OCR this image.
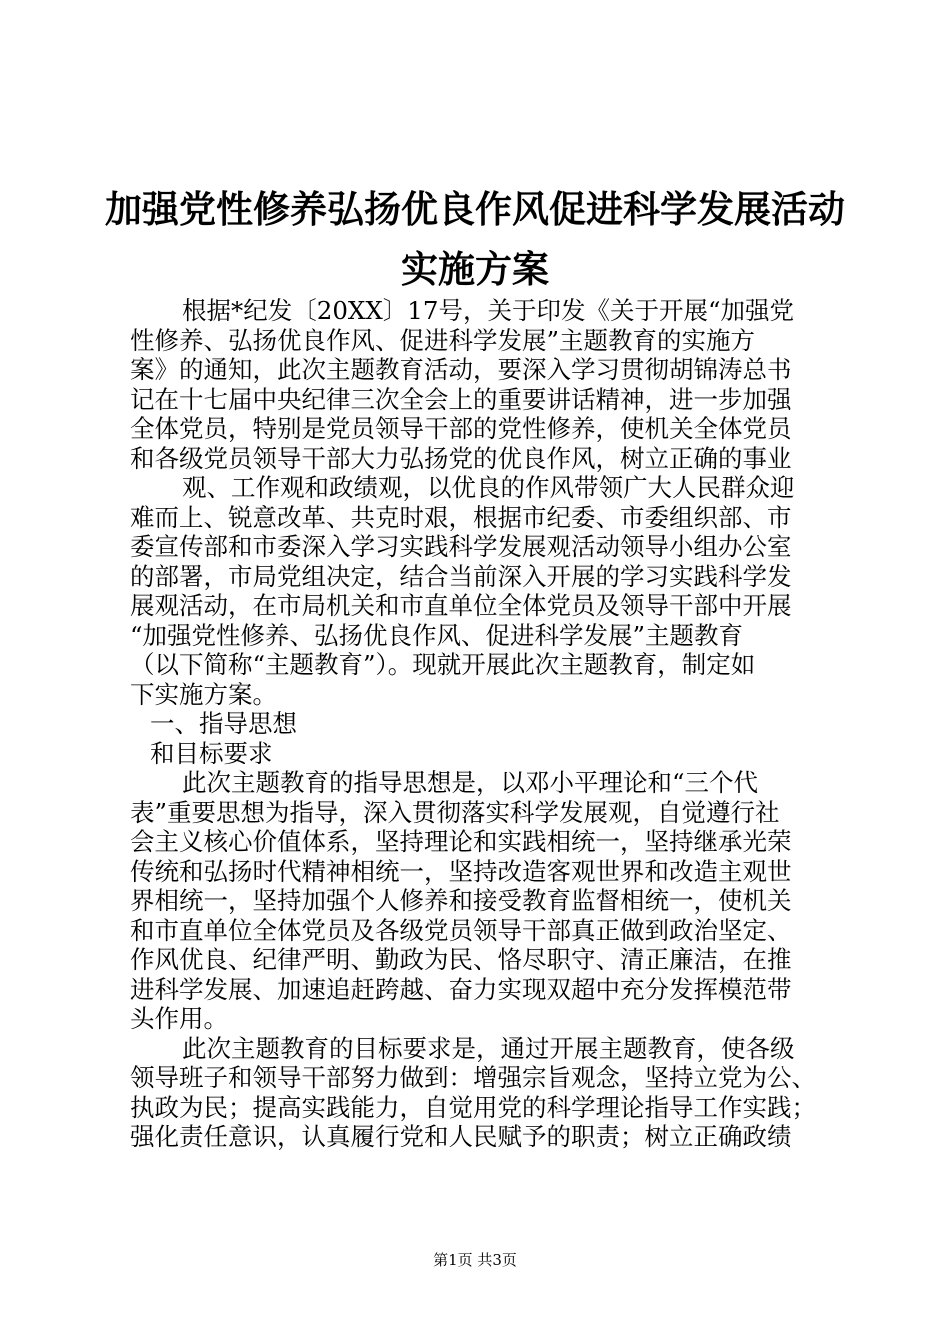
加强党性修养弘扬优良作风促进科学发展活动
实施方案
根据*纪发〔20XX〕17号，关于印发《关于开展“加强党
性修养、弘扬优良作风、促进科学发展”主题教育的实施方
案》的通知，此次主题教育活动，要深入学习贯彻胡锦涛总书
记在十七届中央纪律三次全会上的重要讲话精神，进一步加强
全体党员，特别是党员领导干部的党性修养，使机关全体党员
和各级党员领导干部大力弘扬党的优良作风，树立正确的事业
观、工作观和政绩观，以优良的作风带领广大人民群众迎
难而上、锐意改革、共克时艰，根据市纪委、市委组织部、市
委宣传部和市委深入学习实践科学发展观活动领导小组办公室
的部署，市局党组决定，结合当前深入开展的学习实践科学发
展观活动，在市局机关和市直单位全体党员及领导干部中开展
“加强党性修养、弘扬优良作风、促进科学发展”主题教育
（以下简称“主题教育”）。现就开展此次主题教育，制定如
下实施方案。
一、指导思想
和目标要求
此次主题教育的指导思想是，以邓小平理论和“三个代
表”重要思想为指导，深入贯彻落实科学发展观，自觉遵行社
会主义核心价值体系，坚持理论和实践相统一，坚持继承光荣
传统和弘扬时代精神相统一，坚持改造客观世界和改造主观世
界相统一，坚持加强个人修养和接受教育监督相统一，使机关
和市直单位全体党员及各级党员领导干部真正做到政治坚定、
作风优良、纪律严明、勤政为民、恪尽职守、清正廉洁，在推
进科学发展、加速追赶跨越、奋力实现双超中充分发挥模范带
头作用。
此次主题教育的目标要求是，通过开展主题教育，使各级
领导班子和领导干部努力做到：增强宗旨观念，坚持立党为公、
执政为民；提高实践能力，自觉用党的科学理论指导工作实践；
强化责任意识，认真履行党和人民赋予的职责；树立正确政绩
第1页 共3页
